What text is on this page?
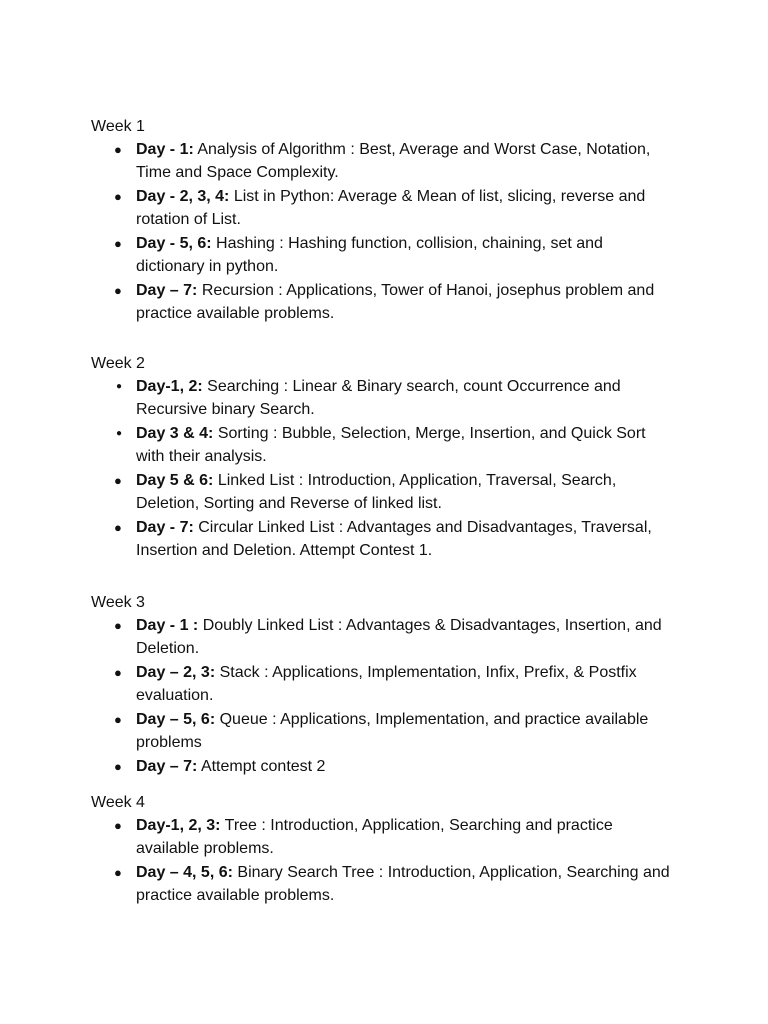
Week 1
● Day - 1: Analysis of Algorithm : Best, Average and Worst Case, Notation, Time and Space Complexity.
● Day - 2, 3, 4: List in Python: Average & Mean of list, slicing, reverse and rotation of List.
● Day - 5, 6: Hashing : Hashing function, collision, chaining, set and dictionary in python.
● Day – 7: Recursion : Applications, Tower of Hanoi, josephus problem and practice available problems.
Week 2
● Day-1, 2: Searching : Linear & Binary search, count Occurrence and Recursive binary Search.
● Day 3 & 4: Sorting : Bubble, Selection, Merge, Insertion, and Quick Sort with their analysis.
● Day 5 & 6: Linked List : Introduction, Application, Traversal, Search, Deletion, Sorting and Reverse of linked list.
● Day - 7: Circular Linked List : Advantages and Disadvantages, Traversal, Insertion and Deletion. Attempt Contest 1.
Week 3
● Day - 1 : Doubly Linked List : Advantages & Disadvantages, Insertion, and Deletion.
● Day – 2, 3: Stack : Applications, Implementation, Infix, Prefix, & Postfix evaluation.
● Day – 5, 6: Queue : Applications, Implementation, and practice available problems
● Day – 7: Attempt contest 2
Week 4
● Day-1, 2, 3: Tree : Introduction, Application, Searching and practice available problems.
● Day – 4, 5, 6: Binary Search Tree : Introduction, Application, Searching and practice available problems.
